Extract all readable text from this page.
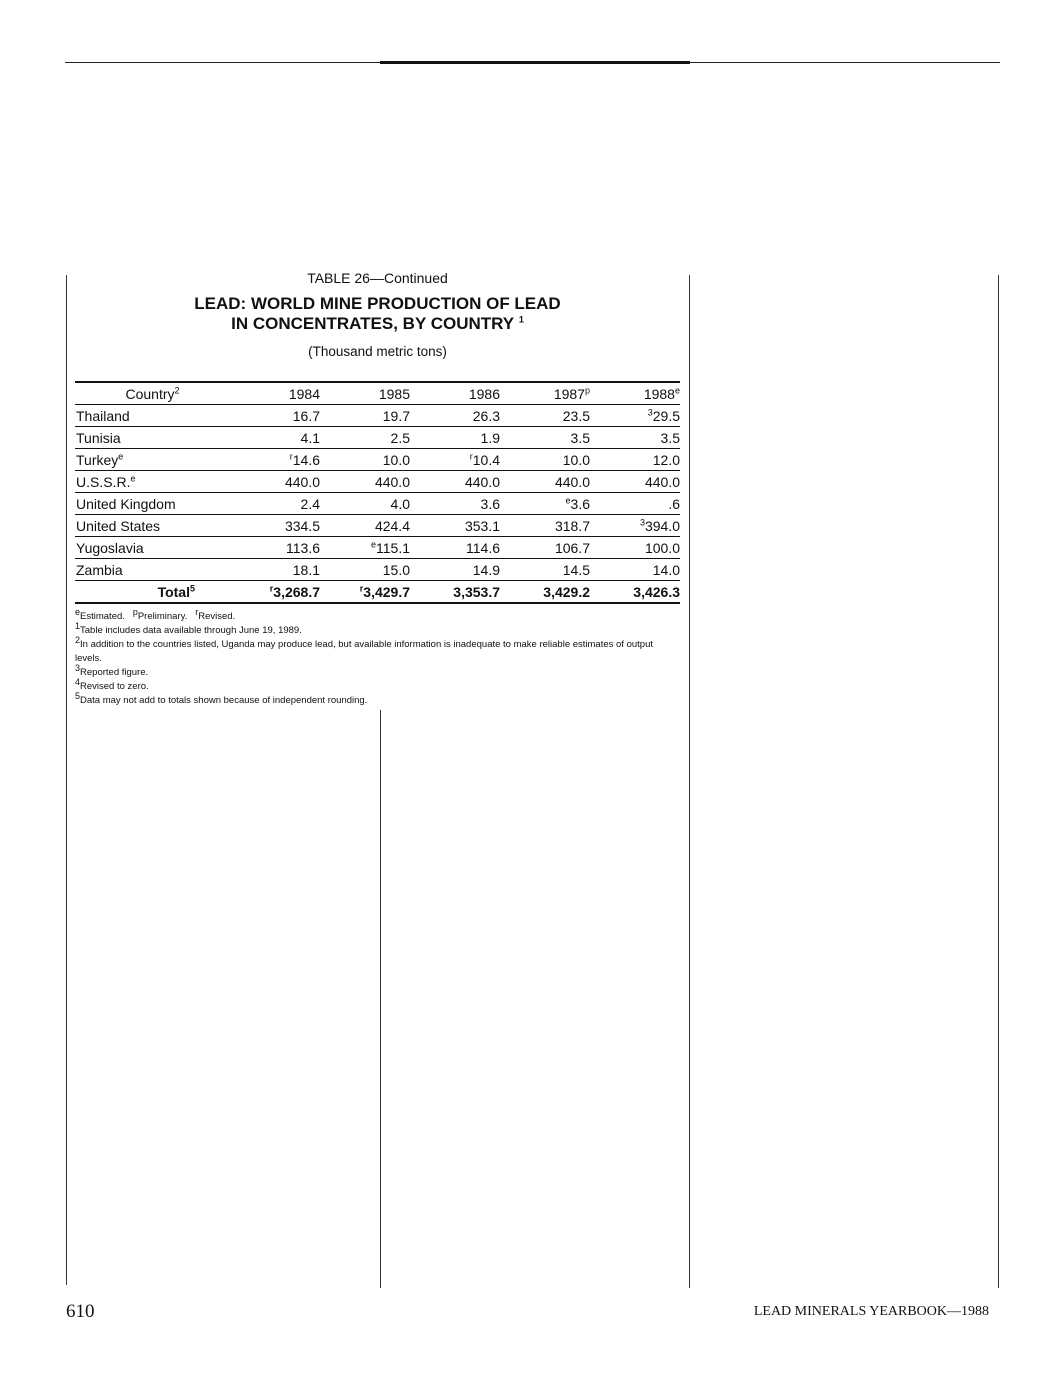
TABLE 26—Continued
LEAD: WORLD MINE PRODUCTION OF LEAD
IN CONCENTRATES, BY COUNTRY $^1$
(Thousand metric tons)
Country$^2$	1984	1985	1986	1987$^p$	1988e
Thailand	16.7	19.7	26.3	23.5	$^3$29.5
Tunisia	4.1	2.5	1.9	3.5	3.5
Turkey$^e$	$^r$14.6	10.0	$^r$10.4	10.0	12.0
U.S.S.R.$^e$	440.0	440.0	440.0	440.0	440.0
United Kingdom	2.4	4.0	3.6	$^e$3.6	.6
United States	334.5	424.4	353.1	318.7	$^3$394.0
Yugoslavia	113.6	$^e$115.1	114.6	106.7	100.0
Zambia	18.1	15.0	14.9	14.5	14.0
Total$^5$	$^r$3,268.7	$^r$3,429.7	3,353.7	3,429.2	3,426.3
$^e$Estimated. $^p$Preliminary. $^r$Revised.
$^1$Table includes data available through June 19, 1989.
$^2$In addition to the countries listed, Uganda may produce lead, but available information is inadequate to make reliable estimates of output levels.
$^3$Reported figure.
$^4$Revised to zero.
$^5$Data may not add to totals shown because of independent rounding.
610	LEAD MINERALS YEARBOOK—1988
